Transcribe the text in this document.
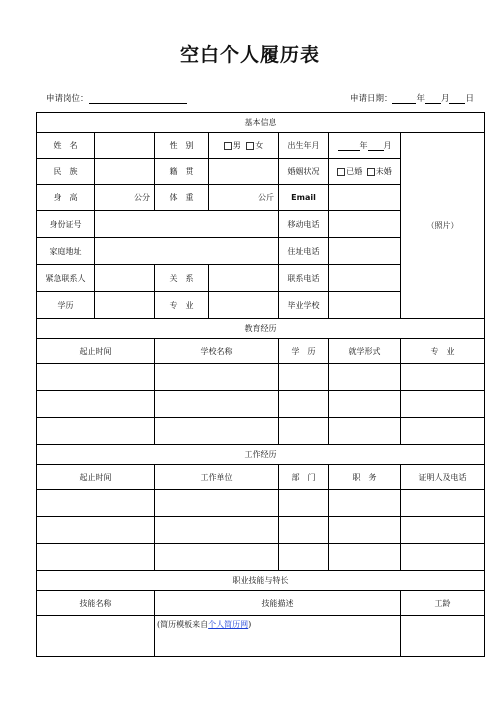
空白个人履历表
申请岗位：	申请日期：	年 月 日
基本信息						
姓　名		性　别	男 女	出生年月	年 月	（照片）
民　族		籍　贯		婚姻状况	已婚 未婚	
身　高	公分	体　重	公斤	Email		
身份证号				移动电话		
家庭地址				住址电话		
紧急联系人		关　系		联系电话		
学历		专　业		毕业学校		
教育经历						
起止时间		学校名称		学　历	就学形式	专　业

工作经历						
起止时间		工作单位		部　门	职　务	证明人及电话

职业技能与特长						
技能名称		技能描述				工龄
		(简历模板来自个人简历网)				
